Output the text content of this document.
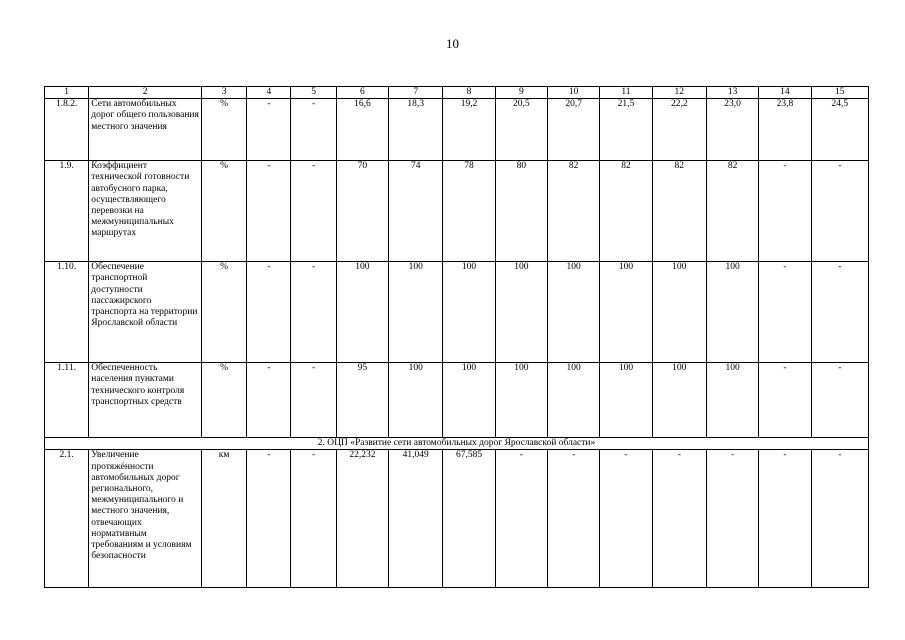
10
1	2	3	4	5	6	7	8	9	10	11	12	13	14	15
1.8.2.	Сети автомобильных дорог общего пользования местного значения	%	-	-	16,6	18,3	19,2	20,5	20,7	21,5	22,2	23,0	23,8	24,5
1.9.	Коэффициент технической готовности автобусного парка, осуществляющего перевозки на межмуниципальных маршрутах	%	-	-	70	74	78	80	82	82	82	82	-	-
1.10.	Обеспечение транспортной доступности пассажирского транспорта на территории Ярославской области	%	-	-	100	100	100	100	100	100	100	100	-	-
1.11.	Обеспеченность населения пунктами технического контроля транспортных средств	%	-	-	95	100	100	100	100	100	100	100	-	-
2. ОЦП «Развитие сети автомобильных дорог Ярославской области»														
2.1.	Увеличение протяжённости автомобильных дорог регионального, межмуниципального и местного значения, отвечающих нормативным требованиям и условиям безопасности	км	-	-	22,232	41,049	67,585	-	-	-	-	-	-	-
